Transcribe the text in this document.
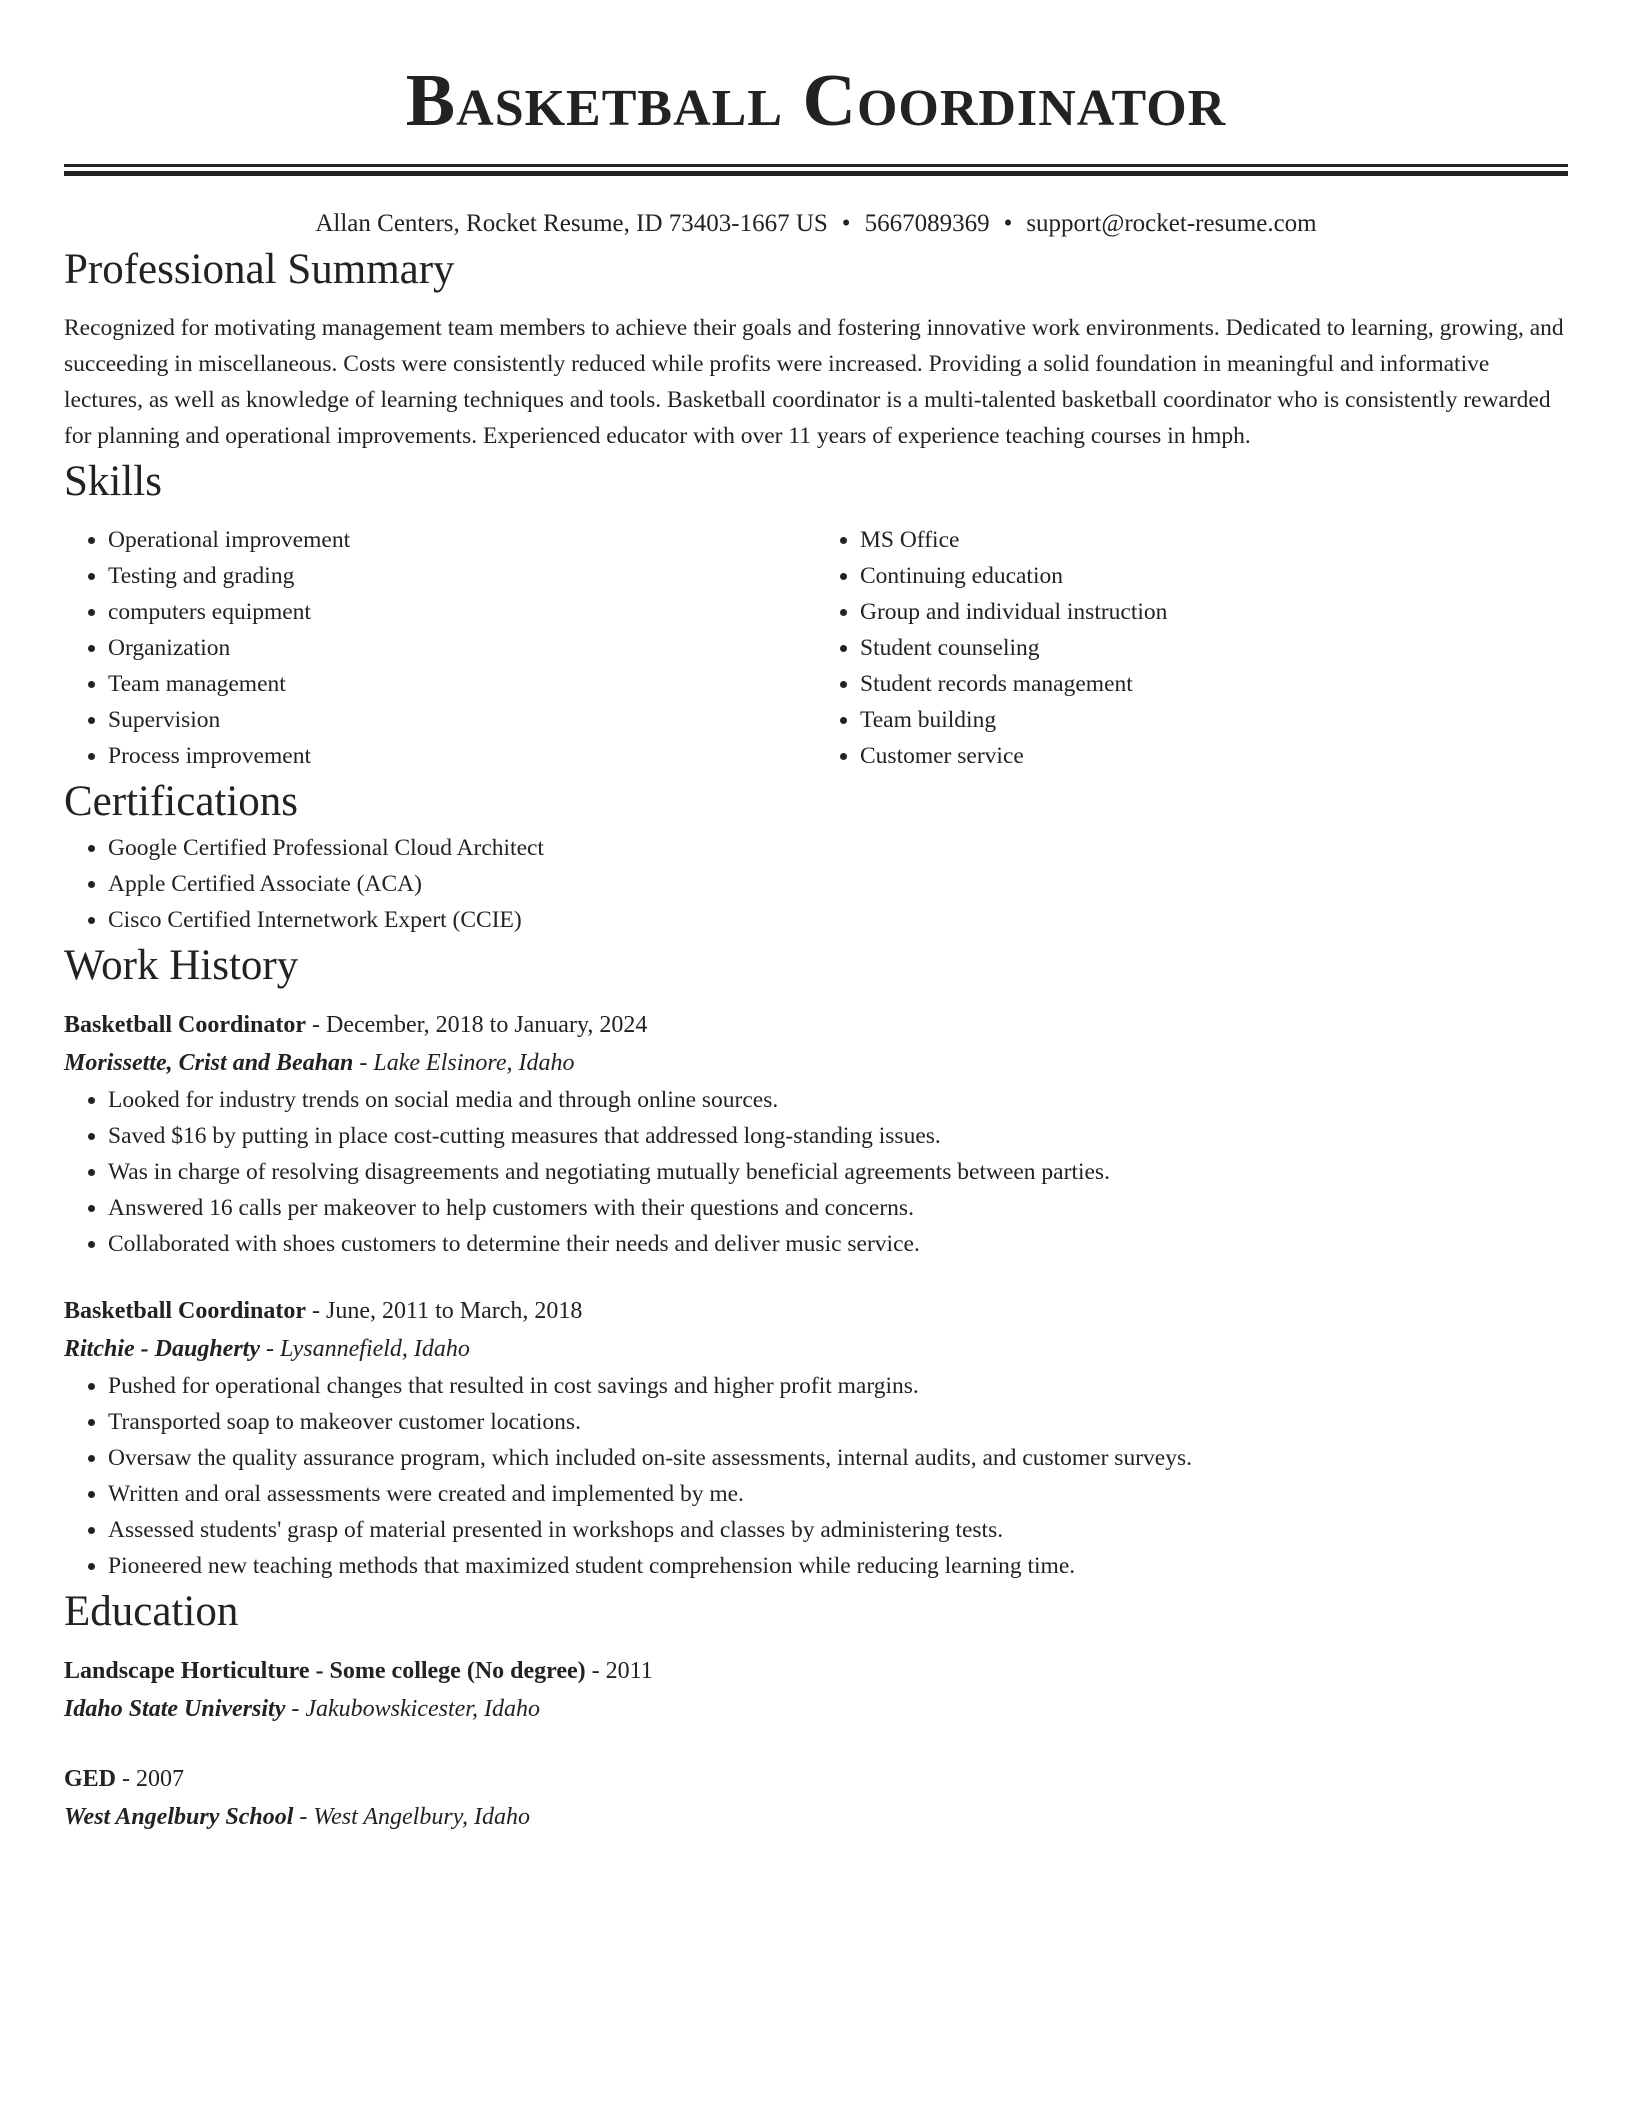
Basketball Coordinator
Allan Centers, Rocket Resume, ID 73403-1667 US • 5667089369 • support@rocket-resume.com
Professional Summary

Recognized for motivating management team members to achieve their goals and fostering innovative work environments. Dedicated to learning, growing, and succeeding in miscellaneous. Costs were consistently reduced while profits were increased. Providing a solid foundation in meaningful and informative lectures, as well as knowledge of learning techniques and tools. Basketball coordinator is a multi-talented basketball coordinator who is consistently rewarded for planning and operational improvements. Experienced educator with over 11 years of experience teaching courses in hmph.

Skills
• Operational improvement
• Testing and grading
• computers equipment
• Organization
• Team management
• Supervision
• Process improvement
• MS Office
• Continuing education
• Group and individual instruction
• Student counseling
• Student records management
• Team building
• Customer service
Certifications
• Google Certified Professional Cloud Architect
• Apple Certified Associate (ACA)
• Cisco Certified Internetwork Expert (CCIE)
Work History
Basketball Coordinator - December, 2018 to January, 2024
Morissette, Crist and Beahan - Lake Elsinore, Idaho
• Looked for industry trends on social media and through online sources.
• Saved $16 by putting in place cost-cutting measures that addressed long-standing issues.
• Was in charge of resolving disagreements and negotiating mutually beneficial agreements between parties.
• Answered 16 calls per makeover to help customers with their questions and concerns.
• Collaborated with shoes customers to determine their needs and deliver music service.
Basketball Coordinator - June, 2011 to March, 2018
Ritchie - Daugherty - Lysannefield, Idaho
• Pushed for operational changes that resulted in cost savings and higher profit margins.
• Transported soap to makeover customer locations.
• Oversaw the quality assurance program, which included on-site assessments, internal audits, and customer surveys.
• Written and oral assessments were created and implemented by me.
• Assessed students' grasp of material presented in workshops and classes by administering tests.
• Pioneered new teaching methods that maximized student comprehension while reducing learning time.
Education
Landscape Horticulture - Some college (No degree) - 2011
Idaho State University - Jakubowskicester, Idaho
GED - 2007
West Angelbury School - West Angelbury, Idaho
